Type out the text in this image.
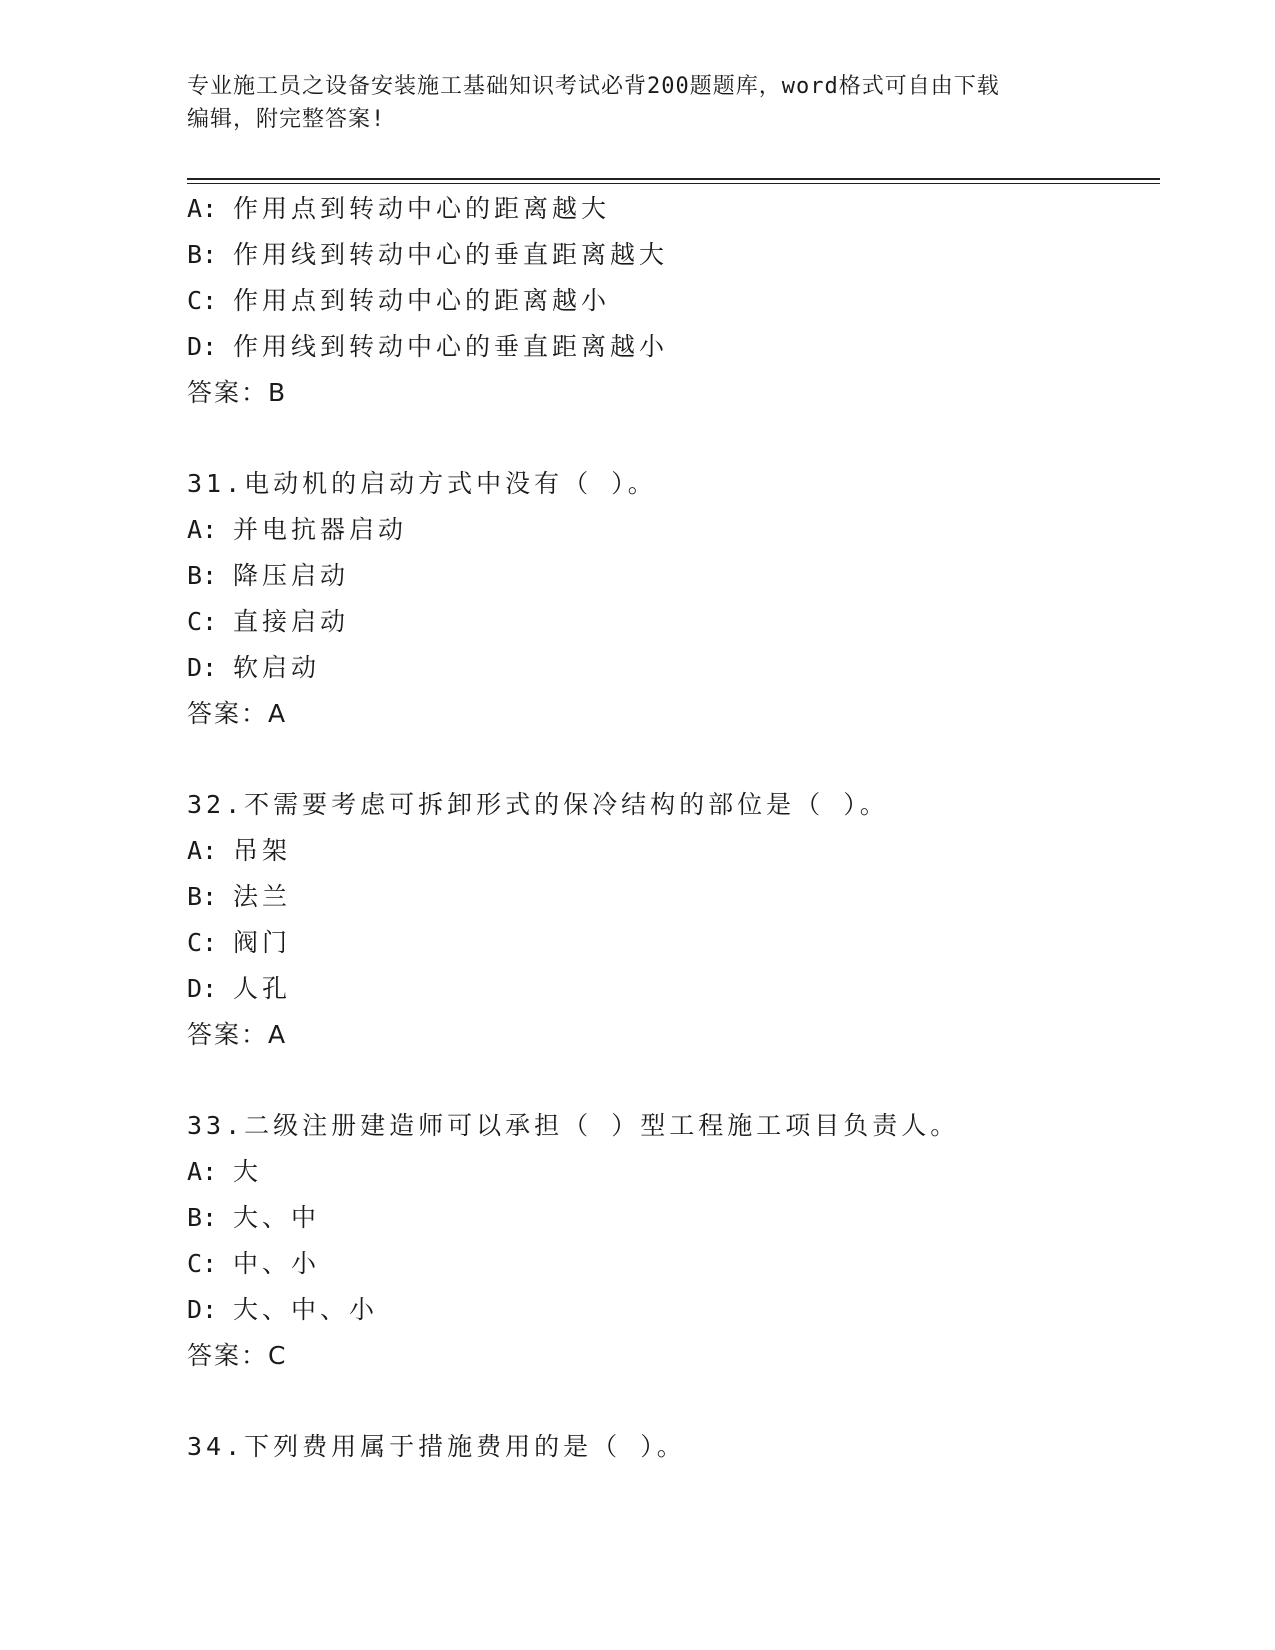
专业施工员之设备安装施工基础知识考试必背200题题库，word格式可自由下载
编辑，附完整答案!
A: 作用点到转动中心的距离越大
B: 作用线到转动中心的垂直距离越大
C: 作用点到转动中心的距离越小
D: 作用线到转动中心的垂直距离越小
答案：B
31.电动机的启动方式中没有（ ）。
A: 并电抗器启动
B: 降压启动
C: 直接启动
D: 软启动
答案：A
32.不需要考虑可拆卸形式的保冷结构的部位是（ ）。
A: 吊架
B: 法兰
C: 阀门
D: 人孔
答案：A
33.二级注册建造师可以承担（ ）型工程施工项目负责人。
A: 大
B: 大、中
C: 中、小
D: 大、中、小
答案：C
34.下列费用属于措施费用的是（ ）。
